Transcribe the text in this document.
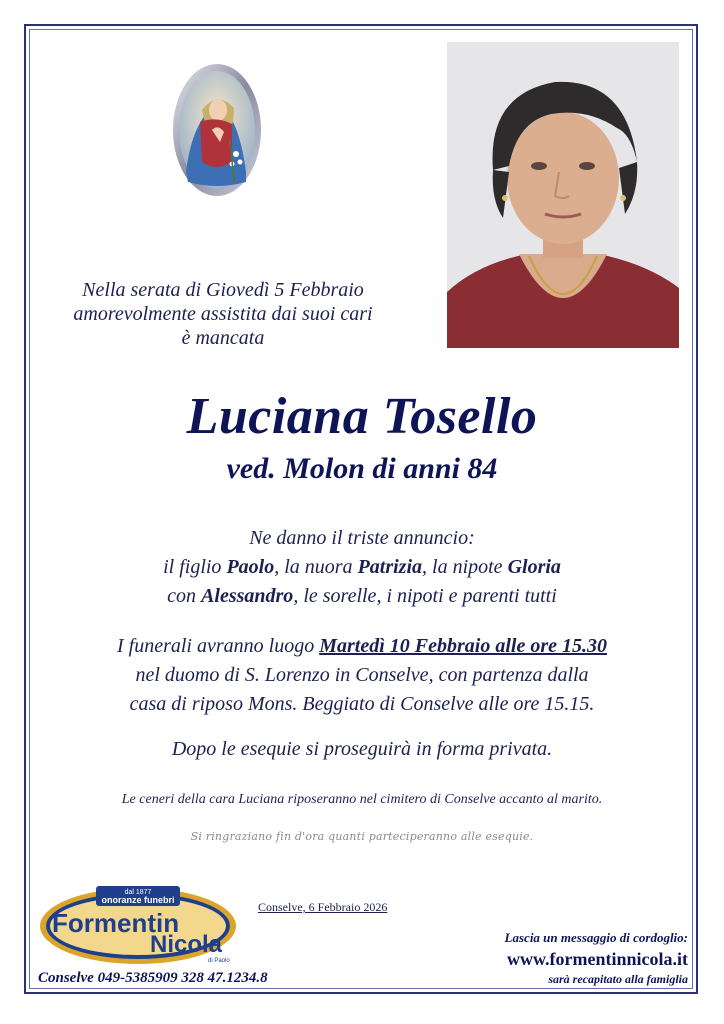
Nella serata di Giovedì 5 Febbraio
amorevolmente assistita dai suoi cari
è mancata
Luciana Tosello
ved. Molon di anni 84
Ne danno il triste annuncio:
il figlio Paolo, la nuora Patrizia, la nipote Gloria
con Alessandro, le sorelle, i nipoti e parenti tutti
I funerali avranno luogo Martedì 10 Febbraio alle ore 15.30
nel duomo di S. Lorenzo in Conselve, con partenza dalla
casa di riposo Mons. Beggiato di Conselve alle ore 15.15.
Dopo le esequie si proseguirà in forma privata.
Le ceneri della cara Luciana riposeranno nel cimitero di Conselve accanto al marito.
Si ringraziano fin d'ora quanti parteciperanno alle esequie.
dal 1877
onoranze funebri
Formentin
Nicola
di Paolo
Conselve, 6 Febbraio 2026
Conselve 049-5385909 328 47.1234.8
Lascia un messaggio di cordoglio:
www.formentinnicola.it
sarà recapitato alla famiglia
